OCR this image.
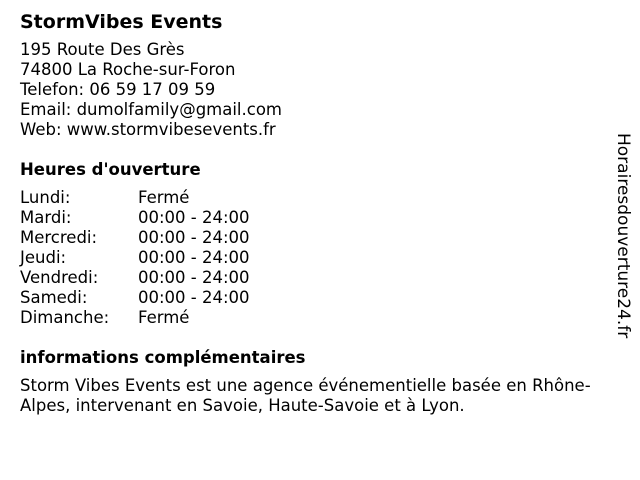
StormVibes Events
195 Route Des Grès
74800 La Roche-sur-Foron
Telefon: 06 59 17 09 59
Email: dumolfamily@gmail.com
Web: www.stormvibesevents.fr
Heures d'ouverture
Lundi:	Fermé
Mardi:	00:00 - 24:00
Mercredi:	00:00 - 24:00
Jeudi:	00:00 - 24:00
Vendredi:	00:00 - 24:00
Samedi:	00:00 - 24:00
Dimanche:	Fermé
informations complémentaires

Storm Vibes Events est une agence événementielle basée en Rhône-Alpes, intervenant en Savoie, Haute-Savoie et à Lyon.

Horairesdouverture24.fr
